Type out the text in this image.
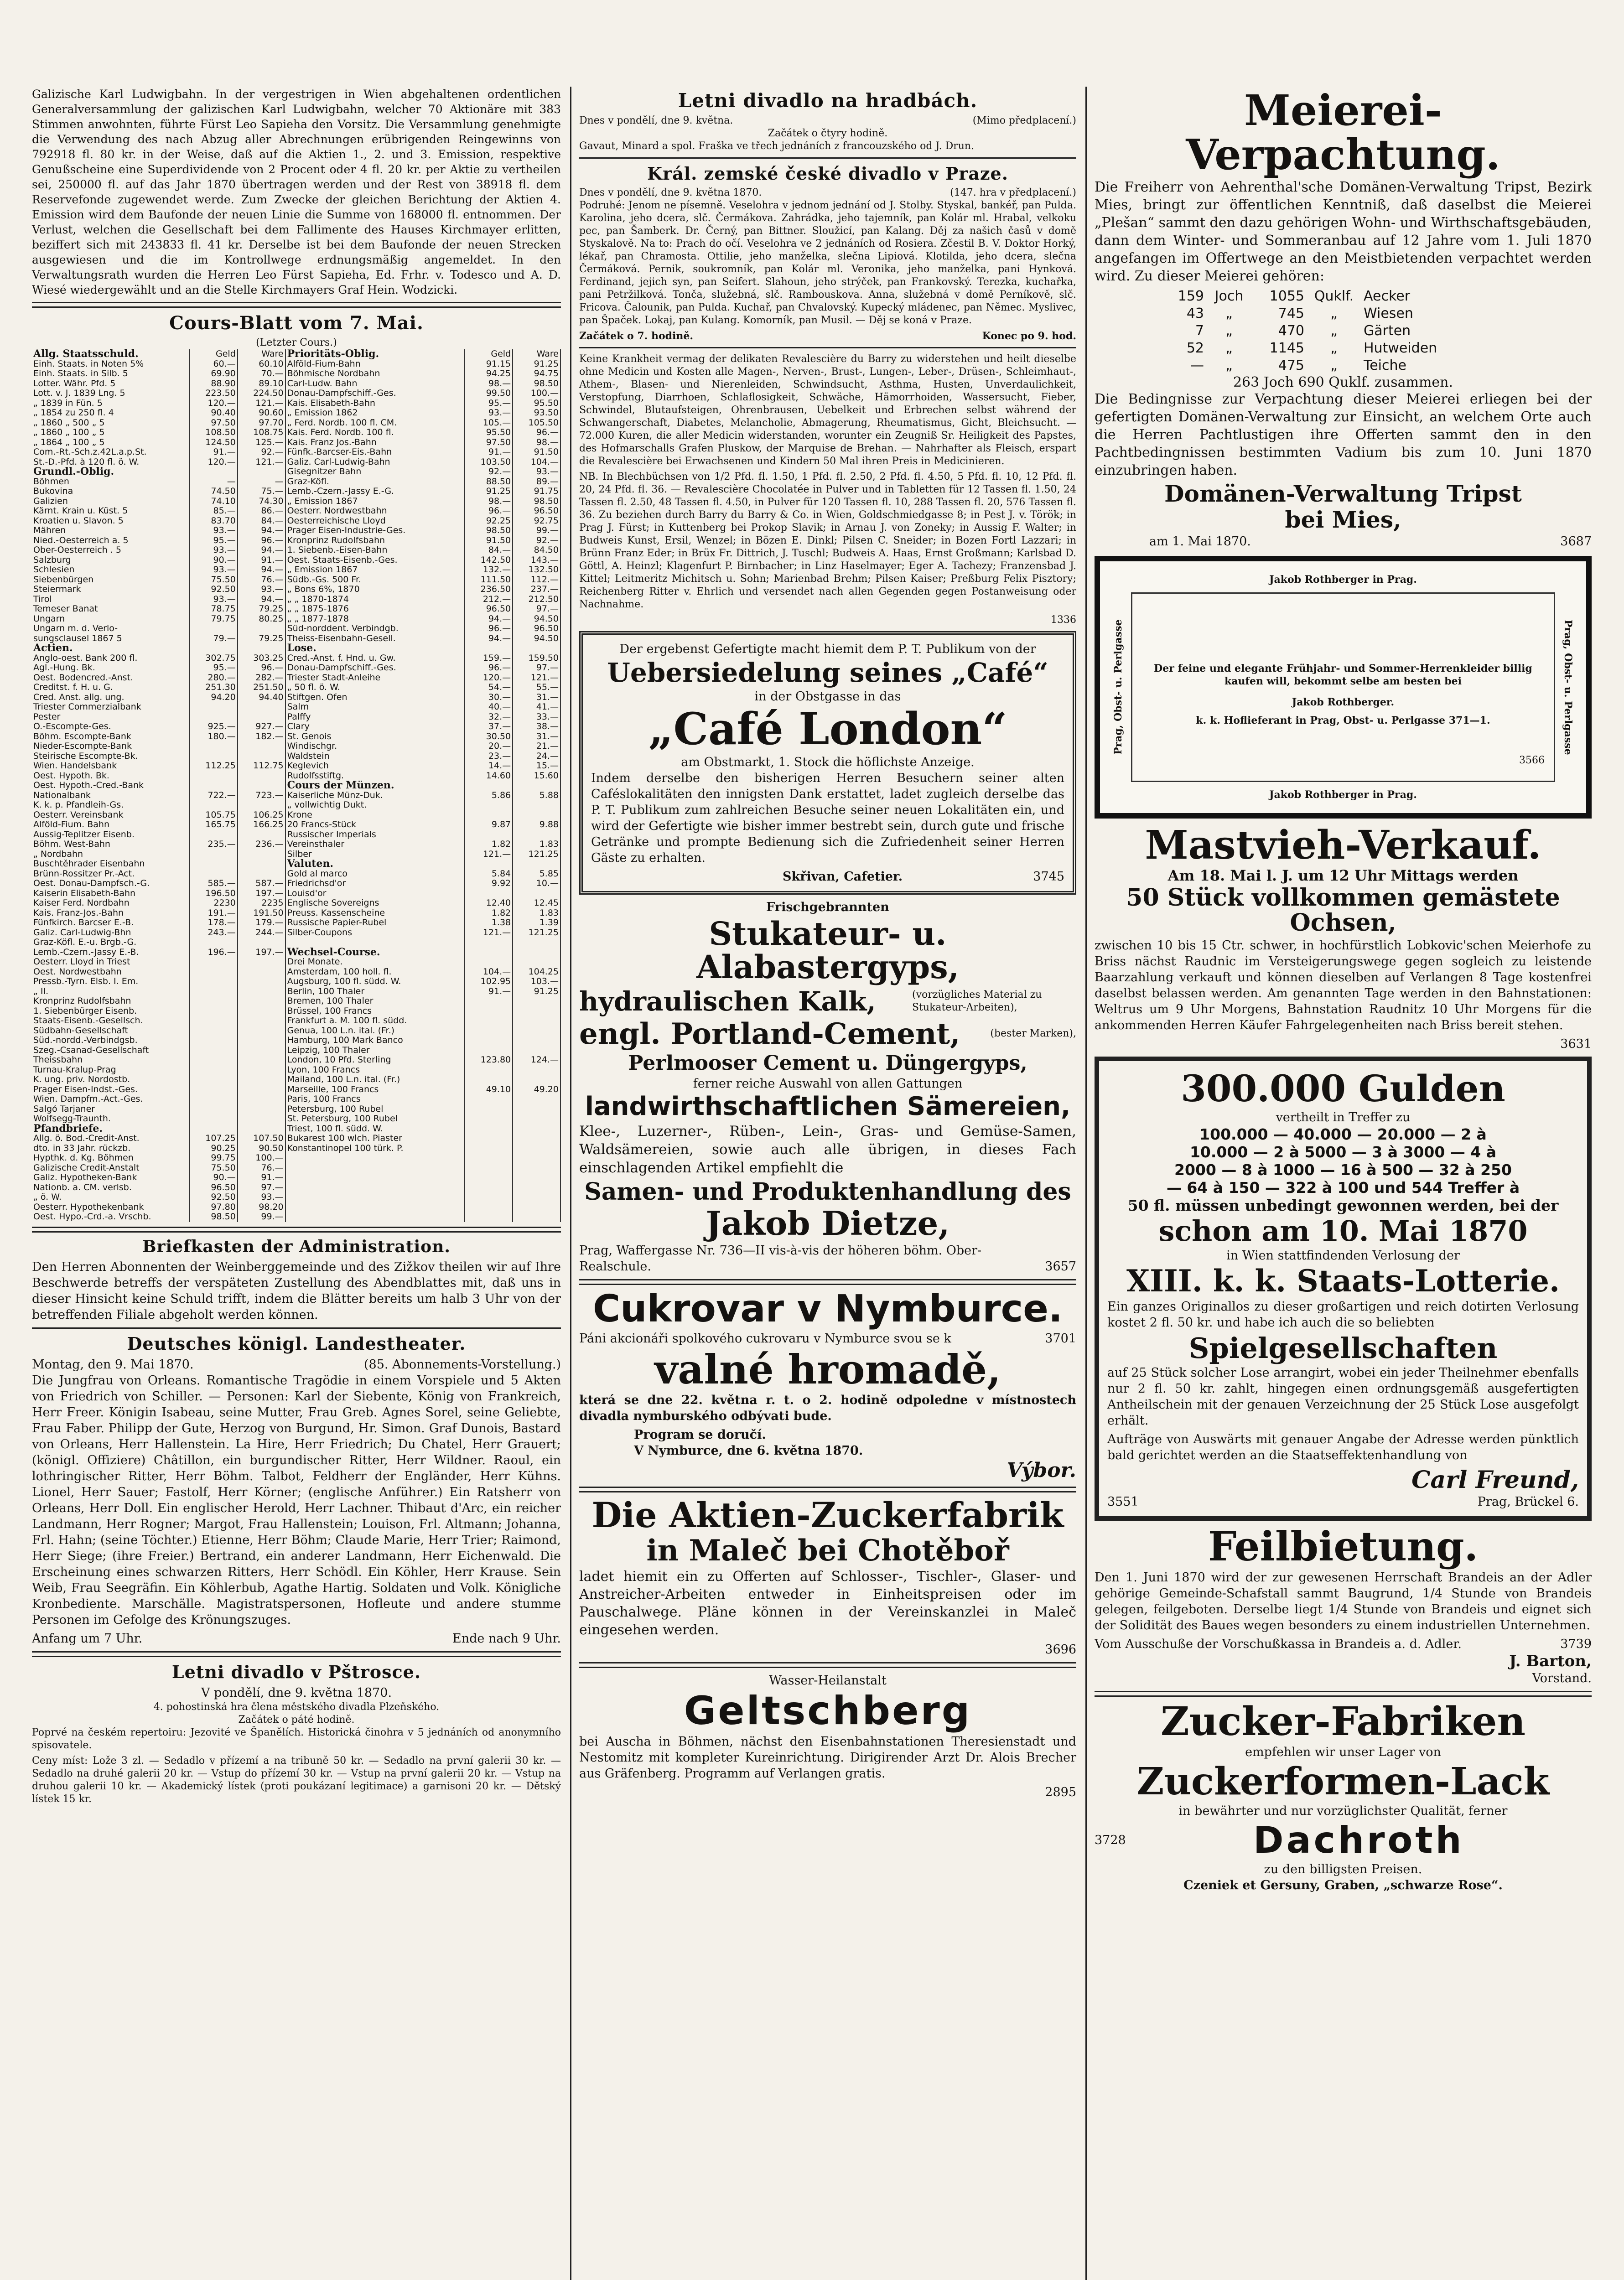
Galizische Karl Ludwigbahn. In der vergestrigen in Wien abgehaltenen ordentlichen Generalversammlung der galizischen Karl Ludwigbahn, welcher 70 Aktionäre mit 383 Stimmen anwohnten, führte Fürst Leo Sapieha den Vorsitz. Die Versammlung genehmigte die Verwendung des nach Abzug aller Abrechnungen erübrigenden Reingewinns von 792918 fl. 80 kr. in der Weise, daß auf die Aktien 1., 2. und 3. Emission, respektive Genußscheine eine Superdividende von 2 Procent oder 4 fl. 20 kr. per Aktie zu vertheilen sei, 250000 fl. auf das Jahr 1870 übertragen werden und der Rest von 38918 fl. dem Reservefonde zugewendet werde. Zum Zwecke der gleichen Berichtung der Aktien 4. Emission wird dem Baufonde der neuen Linie die Summe von 168000 fl. entnommen. Der Verlust, welchen die Gesellschaft bei dem Fallimente des Hauses Kirchmayer erlitten, beziffert sich mit 243833 fl. 41 kr. Derselbe ist bei dem Baufonde der neuen Strecken ausgewiesen und die im Kontrollwege erdnungsmäßig angemeldet. In den Verwaltungsrath wurden die Herren Leo Fürst Sapieha, Ed. Frhr. v. Todesco und A. D. Wiesé wiedergewählt und an die Stelle Kirchmayers Graf Hein. Wodzicki.

Cours-Blatt vom 7. Mai.
(Letzter Cours.)
Allg. Staatsschuld.	Geld	Ware	Prioritäts-Oblig.	Geld	Ware
Einh. Staats. in Noten 5%	60.—	60.10	Alföld-Fium-Bahn	91.15	91.25
Einh. Staats. in Silb. 5	69.90	70.—	Böhmische Nordbahn	94.25	94.75
Lotter. Währ. Pfd. 5	88.90	89.10	Carl-Ludw. Bahn	98.—	98.50
Lott. v. J. 1839 Lng. 5	223.50	224.50	Donau-Dampfschiff.-Ges.	99.50	100.—
„ 1839 in Fün. 5	120.—	121.—	Kais. Elisabeth-Bahn	95.—	95.50
„ 1854 zu 250 fl. 4	90.40	90.60	„ Emission 1862	93.—	93.50
„ 1860 „ 500 „ 5	97.50	97.70	„ Ferd. Nordb. 100 fl. CM.	105.—	105.50
„ 1860 „ 100 „ 5	108.50	108.75	Kais. Ferd. Nordb. 100 fl.	95.50	96.—
„ 1864 „ 100 „ 5	124.50	125.—	Kais. Franz Jos.-Bahn	97.50	98.—
Com.-Rt.-Sch.z.42L.a.p.St.	91.—	92.—	Fünfk.-Barcser-Eis.-Bahn	91.—	91.50
St.-D.-Pfd. à 120 fl. ö. W.	120.—	121.—	Galiz. Carl-Ludwig-Bahn	103.50	104.—
Grundl.-Oblig.			Gisegnitzer Bahn	92.—	93.—
Böhmen	—	—	Graz-Köfl.	88.50	89.—
Bukovina	74.50	75.—	Lemb.-Czern.-Jassy E.-G.	91.25	91.75
Galizien	74.10	74.30	„ Emission 1867	98.—	98.50
Kärnt. Krain u. Küst. 5	85.—	86.—	Oesterr. Nordwestbahn	96.—	96.50
Kroatien u. Slavon. 5	83.70	84.—	Oesterreichische Lloyd	92.25	92.75
Mähren	93.—	94.—	Prager Eisen-Industrie-Ges.	98.50	99.—
Nied.-Oesterreich a. 5	95.—	96.—	Kronprinz Rudolfsbahn	91.50	92.—
Ober-Oesterreich . 5	93.—	94.—	1. Siebenb.-Eisen-Bahn	84.—	84.50
Salzburg	90.—	91.—	Oest. Staats-Eisenb.-Ges.	142.50	143.—
Schlesien	93.—	94.—	„ Emission 1867	132.—	132.50
Siebenbürgen	75.50	76.—	Südb.-Gs. 500 Fr.	111.50	112.—
Steiermark	92.50	93.—	„ Bons 6%, 1870	236.50	237.—
Tirol	93.—	94.—	„ „ 1870-1874	212.—	212.50
Temeser Banat	78.75	79.25	„ „ 1875-1876	96.50	97.—
Ungarn	79.75	80.25	„ „ 1877-1878	94.—	94.50
Ungarn m. d. Verlo-			Süd-norddent. Verbindgb.	96.—	96.50
sungsclausel 1867 5	79.—	79.25	Theiss-Eisenbahn-Gesell.	94.—	94.50
Actien.			Lose.		
Anglo-oest. Bank 200 fl.	302.75	303.25	Cred.-Anst. f. Hnd. u. Gw.	159.—	159.50
Agl.-Hung. Bk.	95.—	96.—	Donau-Dampfschiff.-Ges.	96.—	97.—
Oest. Bodencred.-Anst.	280.—	282.—	Triester Stadt-Anleihe	120.—	121.—
Creditst. f. H. u. G.	251.30	251.50	„ 50 fl. ö. W.	54.—	55.—
Cred. Anst. allg. ung.	94.20	94.40	Stiftgen. Ofen	30.—	31.—
Triester Commerzialbank			Salm	40.—	41.—
Pester			Palffy	32.—	33.—
Ö.-Escompte-Ges.	925.—	927.—	Clary	37.—	38.—
Böhm. Escompte-Bank	180.—	182.—	St. Genois	30.50	31.—
Nieder-Escompte-Bank			Windischgr.	20.—	21.—
Steirische Escompte-Bk.			Waldstein	23.—	24.—
Wien. Handelsbank	112.25	112.75	Keglevich	14.—	15.—
Oest. Hypoth. Bk.			Rudolfsstiftg.	14.60	15.60
Oest. Hypoth.-Cred.-Bank			Cours der Münzen.		
Nationalbank	722.—	723.—	Kaiserliche Münz-Duk.	5.86	5.88
K. k. p. Pfandleih-Gs.			„ vollwichtig Dukt.		
Oesterr. Vereinsbank	105.75	106.25	Krone		
Alföld-Fium. Bahn	165.75	166.25	20 Francs-Stück	9.87	9.88
Aussig-Teplitzer Eisenb.			Russischer Imperials		
Böhm. West-Bahn	235.—	236.—	Vereinsthaler	1.82	1.83
„ Nordbahn			Silber	121.—	121.25
Buschtěhrader Eisenbahn			Valuten.		
Brünn-Rossitzer Pr.-Act.			Gold al marco	5.84	5.85
Oest. Donau-Dampfsch.-G.	585.—	587.—	Friedrichsd'or	9.92	10.—
Kaiserin Elisabeth-Bahn	196.50	197.—	Louisd'or		
Kaiser Ferd. Nordbahn	2230	2235	Englische Sovereigns	12.40	12.45
Kais. Franz-Jos.-Bahn	191.—	191.50	Preuss. Kassenscheine	1.82	1.83
Fünfkirch. Barcser E.-B.	178.—	179.—	Russische Papier-Rubel	1.38	1.39
Galiz. Carl-Ludwig-Bhn	243.—	244.—	Silber-Coupons	121.—	121.25
Graz-Köfl. E.-u. Brgb.-G.					
Lemb.-Czern.-Jassy E.-B.	196.—	197.—	Wechsel-Course.		
Oesterr. Lloyd in Triest			Drei Monate.		
Oest. Nordwestbahn			Amsterdam, 100 holl. fl.	104.—	104.25
Pressb.-Tyrn. Elsb. I. Em.			Augsburg, 100 fl. südd. W.	102.95	103.—
„ II.			Berlin, 100 Thaler	91.—	91.25
Kronprinz Rudolfsbahn			Bremen, 100 Thaler		
1. Siebenbürger Eisenb.			Brüssel, 100 Francs		
Staats-Eisenb.-Gesellsch.			Frankfurt a. M. 100 fl. südd.		
Südbahn-Gesellschaft			Genua, 100 L.n. ital. (Fr.)		
Süd.-nordd.-Verbindgsb.			Hamburg, 100 Mark Banco		
Szeg.-Csanad-Gesellschaft			Leipzig, 100 Thaler		
Theissbahn			London, 10 Pfd. Sterling	123.80	124.—
Turnau-Kralup-Prag			Lyon, 100 Francs		
K. ung. priv. Nordostb.			Mailand, 100 L.n. ital. (Fr.)		
Prager Eisen-Indst.-Ges.			Marseille, 100 Francs	49.10	49.20
Wien. Dampfm.-Act.-Ges.			Paris, 100 Francs		
Salgó Tarjaner			Petersburg, 100 Rubel		
Wolfsegg-Traunth.			St. Petersburg, 100 Rubel		
Pfandbriefe.			Triest, 100 fl. südd. W.		
Allg. ö. Bod.-Credit-Anst.	107.25	107.50	Bukarest 100 wlch. Piaster		
dto. in 33 Jahr. rückzb.	90.25	90.50	Konstantinopel 100 türk. P.		
Hypthk. d. Kg. Böhmen	99.75	100.—			
Galizische Credit-Anstalt	75.50	76.—			
Galiz. Hypotheken-Bank	90.—	91.—			
Nationb. a. CM. verlsb.	96.50	97.—			
„ ö. W.	92.50	93.—			
Oesterr. Hypothekenbank	97.80	98.20			
Oest. Hypo.-Crd.-a. Vrschb.	98.50	99.—			
Briefkasten der Administration.

Den Herren Abonnenten der Weinberggemeinde und des Zižkov theilen wir auf Ihre Beschwerde betreffs der verspäteten Zustellung des Abendblattes mit, daß uns in dieser Hinsicht keine Schuld trifft, indem die Blätter bereits um halb 3 Uhr von der betreffenden Filiale abgeholt werden können.

Deutsches königl. Landestheater.
Montag, den 9. Mai 1870.	(85. Abonnements-Vorstellung.)

Die Jungfrau von Orleans. Romantische Tragödie in einem Vorspiele und 5 Akten von Friedrich von Schiller. — Personen: Karl der Siebente, König von Frankreich, Herr Freer. Königin Isabeau, seine Mutter, Frau Greb. Agnes Sorel, seine Geliebte, Frau Faber. Philipp der Gute, Herzog von Burgund, Hr. Simon. Graf Dunois, Bastard von Orleans, Herr Hallenstein. La Hire, Herr Friedrich; Du Chatel, Herr Grauert; (königl. Offiziere) Châtillon, ein burgundischer Ritter, Herr Wildner. Raoul, ein lothringischer Ritter, Herr Böhm. Talbot, Feldherr der Engländer, Herr Kühns. Lionel, Herr Sauer; Fastolf, Herr Körner; (englische Anführer.) Ein Ratsherr von Orleans, Herr Doll. Ein englischer Herold, Herr Lachner. Thibaut d'Arc, ein reicher Landmann, Herr Rogner; Margot, Frau Hallenstein; Louison, Frl. Altmann; Johanna, Frl. Hahn; (seine Töchter.) Etienne, Herr Böhm; Claude Marie, Herr Trier; Raimond, Herr Siege; (ihre Freier.) Bertrand, ein anderer Landmann, Herr Eichenwald. Die Erscheinung eines schwarzen Ritters, Herr Schödl. Ein Köhler, Herr Krause. Sein Weib, Frau Seegräfin. Ein Köhlerbub, Agathe Hartig. Soldaten und Volk. Königliche Kronbediente. Marschälle. Magistratspersonen, Hofleute und andere stumme Personen im Gefolge des Krönungszuges.

Anfang um 7 Uhr.	Ende nach 9 Uhr.
Letni divadlo v Pštrosce.
V pondělí, dne 9. května 1870.
4. pohostinská hra člena městského divadla Plzeňského.
Začátek o páté hodině.

Poprvé na českém repertoiru: Jezovité ve Španělích. Historická činohra v 5 jednáních od anonymního spisovatele.

Ceny míst: Lože 3 zl. — Sedadlo v přízemí a na tribuně 50 kr. — Sedadlo na první galerii 30 kr. — Sedadlo na druhé galerii 20 kr. — Vstup do přízemí 30 kr. — Vstup na první galerii 20 kr. — Vstup na druhou galerii 10 kr. — Akademický lístek (proti poukázaní legitimace) a garnisoni 20 kr. — Dětský lístek 15 kr.

Letni divadlo na hradbách.
Dnes v pondělí, dne 9. května.	(Mimo předplacení.)
Začátek o čtyry hodině.

Gavaut, Minard a spol. Fraška ve třech jednáních z francouzského od J. Drun.

Král. zemské české divadlo v Praze.
Dnes v pondělí, dne 9. května 1870.	(147. hra v předplacení.)

Podruhé: Jenom ne písemně. Veselohra v jednom jednání od J. Stolby. Styskal, bankéř, pan Pulda. Karolina, jeho dcera, slč. Čermákova. Zahrádka, jeho tajemník, pan Kolár ml. Hrabal, velkoku pec, pan Šamberk. Dr. Černý, pan Bittner. Sloužicí, pan Kalang. Děj za našich časů v domě Styskalově. Na to: Prach do očí. Veselohra ve 2 jednáních od Rosiera. Zčestil B. V. Doktor Horký, lékař, pan Chramosta. Ottilie, jeho manželka, slečna Lipiová. Klotilda, jeho dcera, slečna Čermáková. Pernik, soukromník, pan Kolár ml. Veronika, jeho manželka, pani Hynková. Ferdinand, jejich syn, pan Seifert. Slahoun, jeho strýček, pan Frankovský. Terezka, kuchařka, pani Petržilková. Tonča, služebná, slč. Rambouskova. Anna, služebná v domě Perníkově, slč. Fricova. Čalounik, pan Pulda. Kuchař, pan Chvalovský. Kupecký mládenec, pan Němec. Myslivec, pan Špaček. Lokaj, pan Kulang. Komorník, pan Musil. — Děj se koná v Praze.

Začátek o 7. hodině.	Konec po 9. hod.

Keine Krankheit vermag der delikaten Revalescière du Barry zu widerstehen und heilt dieselbe ohne Medicin und Kosten alle Magen-, Nerven-, Brust-, Lungen-, Leber-, Drüsen-, Schleimhaut-, Athem-, Blasen- und Nierenleiden, Schwindsucht, Asthma, Husten, Unverdaulichkeit, Verstopfung, Diarrhoen, Schlaflosigkeit, Schwäche, Hämorrhoiden, Wassersucht, Fieber, Schwindel, Blutaufsteigen, Ohrenbrausen, Uebelkeit und Erbrechen selbst während der Schwangerschaft, Diabetes, Melancholie, Abmagerung, Rheumatismus, Gicht, Bleichsucht. — 72.000 Kuren, die aller Medicin widerstanden, worunter ein Zeugniß Sr. Heiligkeit des Papstes, des Hofmarschalls Grafen Pluskow, der Marquise de Brehan. — Nahrhafter als Fleisch, erspart die Revalescière bei Erwachsenen und Kindern 50 Mal ihren Preis in Medicinieren.

NB. In Blechbüchsen von 1/2 Pfd. fl. 1.50, 1 Pfd. fl. 2.50, 2 Pfd. fl. 4.50, 5 Pfd. fl. 10, 12 Pfd. fl. 20, 24 Pfd. fl. 36. — Revalescière Chocolatée in Pulver und in Tabletten für 12 Tassen fl. 1.50, 24 Tassen fl. 2.50, 48 Tassen fl. 4.50, in Pulver für 120 Tassen fl. 10, 288 Tassen fl. 20, 576 Tassen fl. 36. Zu beziehen durch Barry du Barry & Co. in Wien, Goldschmiedgasse 8; in Pest J. v. Török; in Prag J. Fürst; in Kuttenberg bei Prokop Slavik; in Arnau J. von Zoneky; in Aussig F. Walter; in Budweis Kunst, Ersil, Wenzel; in Bözen E. Dinkl; Pilsen C. Sneider; in Bozen Fortl Lazzari; in Brünn Franz Eder; in Brüx Fr. Dittrich, J. Tuschl; Budweis A. Haas, Ernst Großmann; Karlsbad D. Göttl, A. Heinzl; Klagenfurt P. Birnbacher; in Linz Haselmayer; Eger A. Tachezy; Franzensbad J. Kittel; Leitmeritz Michitsch u. Sohn; Marienbad Brehm; Pilsen Kaiser; Preßburg Felix Pisztory; Reichenberg Ritter v. Ehrlich und versendet nach allen Gegenden gegen Postanweisung oder Nachnahme.

1336
Der ergebenst Gefertigte macht hiemit dem P. T. Publikum von der
Uebersiedelung seines „Café“
in der Obstgasse in das
„Café London“
am Obstmarkt, 1. Stock die höflichste Anzeige.

Indem derselbe den bisherigen Herren Besuchern seiner alten Caféslokalitäten den innigsten Dank erstattet, ladet zugleich derselbe das P. T. Publikum zum zahlreichen Besuche seiner neuen Lokalitäten ein, und wird der Gefertigte wie bisher immer bestrebt sein, durch gute und frische Getränke und prompte Bedienung sich die Zufriedenheit seiner Herren Gäste zu erhalten.

Skřivan, Cafetier.	3745
Frischgebrannten
Stukateur- u. Alabastergyps,
hydraulischen Kalk,	(vorzügliches Material zu Stukateur-Arbeiten),
engl. Portland-Cement,	(bester Marken),
Perlmooser Cement u. Düngergyps,
ferner reiche Auswahl von allen Gattungen
landwirthschaftlichen Sämereien,

Klee-, Luzerner-, Rüben-, Lein-, Gras- und Gemüse-Samen, Waldsämereien, sowie auch alle übrigen, in dieses Fach einschlagenden Artikel empfiehlt die

Samen- und Produktenhandlung des
Jakob Dietze,
Prag, Waffergasse Nr. 736—II vis-à-vis der höheren böhm. Ober-Realschule.	3657
Cukrovar v Nymburce.
Páni akcionáři spolkového cukrovaru v Nymburce svou se k	3701
valné hromadě,

která se dne 22. května r. t. o 2. hodině odpoledne v místnostech divadla nymburského odbývati bude.

Program se doručí.
V Nymburce, dne 6. května 1870.
Výbor.
Die Aktien-Zuckerfabrik
in Maleč bei Chotěboř

ladet hiemit ein zu Offerten auf Schlosser-, Tischler-, Glaser- und Anstreicher-Arbeiten entweder in Einheitspreisen oder im Pauschalwege. Pläne können in der Vereinskanzlei in Maleč eingesehen werden.

3696
Wasser-Heilanstalt
Geltschberg

bei Auscha in Böhmen, nächst den Eisenbahnstationen Theresienstadt und Nestomitz mit kompleter Kureinrichtung. Dirigirender Arzt Dr. Alois Brecher aus Gräfenberg. Programm auf Verlangen gratis.

2895
Meierei-Verpachtung.

Die Freiherr von Aehrenthal'sche Domänen-Verwaltung Tripst, Bezirk Mies, bringt zur öffentlichen Kenntniß, daß daselbst die Meierei „Plešan“ sammt den dazu gehörigen Wohn- und Wirthschaftsgebäuden, dann dem Winter- und Sommeranbau auf 12 Jahre vom 1. Juli 1870 angefangen im Offertwege an den Meistbietenden verpachtet werden wird. Zu dieser Meierei gehören:

159 Joch	1055 Quklf. Aecker
43	„	745	„	Wiesen
7	„	470	„	Gärten
52	„	1145	„	Hutweiden
—	„	475	„	Teiche
263 Joch 690 Quklf. zusammen.

Die Bedingnisse zur Verpachtung dieser Meierei erliegen bei der gefertigten Domänen-Verwaltung zur Einsicht, an welchem Orte auch die Herren Pachtlustigen ihre Offerten sammt den in den Pachtbedingnissen bestimmten Vadium bis zum 10. Juni 1870 einzubringen haben.

Domänen-Verwaltung Tripst
bei Mies,
am 1. Mai 1870.	3687
Jakob Rothberger in Prag.
Prag, Obst- u. Perlgasse	Der feine und elegante Frühjahr- und Sommer-Herrenkleider billig kaufen will, bekommt selbe am besten bei
Jakob Rothberger.
k. k. Hoflieferant in Prag, Obst- u. Perlgasse 371—1.
3566
Prag, Obst- u. Perlgasse
Jakob Rothberger in Prag.
Mastvieh-Verkauf.
Am 18. Mai l. J. um 12 Uhr Mittags werden
50 Stück vollkommen gemästete Ochsen,

zwischen 10 bis 15 Ctr. schwer, in hochfürstlich Lobkovic'schen Meierhofe zu Briss nächst Raudnic im Versteigerungswege gegen sogleich zu leistende Baarzahlung verkauft und können dieselben auf Verlangen 8 Tage kostenfrei daselbst belassen werden. Am genannten Tage werden in den Bahnstationen: Weltrus um 9 Uhr Morgens, Bahnstation Raudnitz 10 Uhr Morgens für die ankommenden Herren Käufer Fahrgelegenheiten nach Briss bereit stehen.

3631
300.000 Gulden
vertheilt in Treffer zu
100.000 — 40.000 — 20.000 — 2 à
10.000 — 2 à 5000 — 3 à 3000 — 4 à
2000 — 8 à 1000 — 16 à 500 — 32 à 250
— 64 à 150 — 322 à 100 und 544 Treffer à
50 fl. müssen unbedingt gewonnen werden, bei der
schon am 10. Mai 1870
in Wien stattfindenden Verlosung der
XIII. k. k. Staats-Lotterie.

Ein ganzes Originallos zu dieser großartigen und reich dotirten Verlosung kostet 2 fl. 50 kr. und habe ich auch die so beliebten

Spielgesellschaften

auf 25 Stück solcher Lose arrangirt, wobei ein jeder Theilnehmer ebenfalls nur 2 fl. 50 kr. zahlt, hingegen einen ordnungsgemäß ausgefertigten Antheilschein mit der genauen Verzeichnung der 25 Stück Lose ausgefolgt erhält.

Aufträge von Auswärts mit genauer Angabe der Adresse werden pünktlich bald gerichtet werden an die Staatseffektenhandlung von

Carl Freund,
3551	Prag, Brückel 6.
Feilbietung.

Den 1. Juni 1870 wird der zur gewesenen Herrschaft Brandeis an der Adler gehörige Gemeinde-Schafstall sammt Baugrund, 1/4 Stunde von Brandeis gelegen, feilgeboten. Derselbe liegt 1/4 Stunde von Brandeis und eignet sich der Solidität des Baues wegen besonders zu einem industriellen Unternehmen.

Vom Ausschuße der Vorschußkassa in Brandeis a. d. Adler.	3739
J. Barton,
Vorstand.
Zucker-Fabriken
empfehlen wir unser Lager von
Zuckerformen-Lack
in bewährter und nur vorzüglichster Qualität, ferner
3728	Dachroth
zu den billigsten Preisen.
Czeniek et Gersuny, Graben, „schwarze Rose“.
